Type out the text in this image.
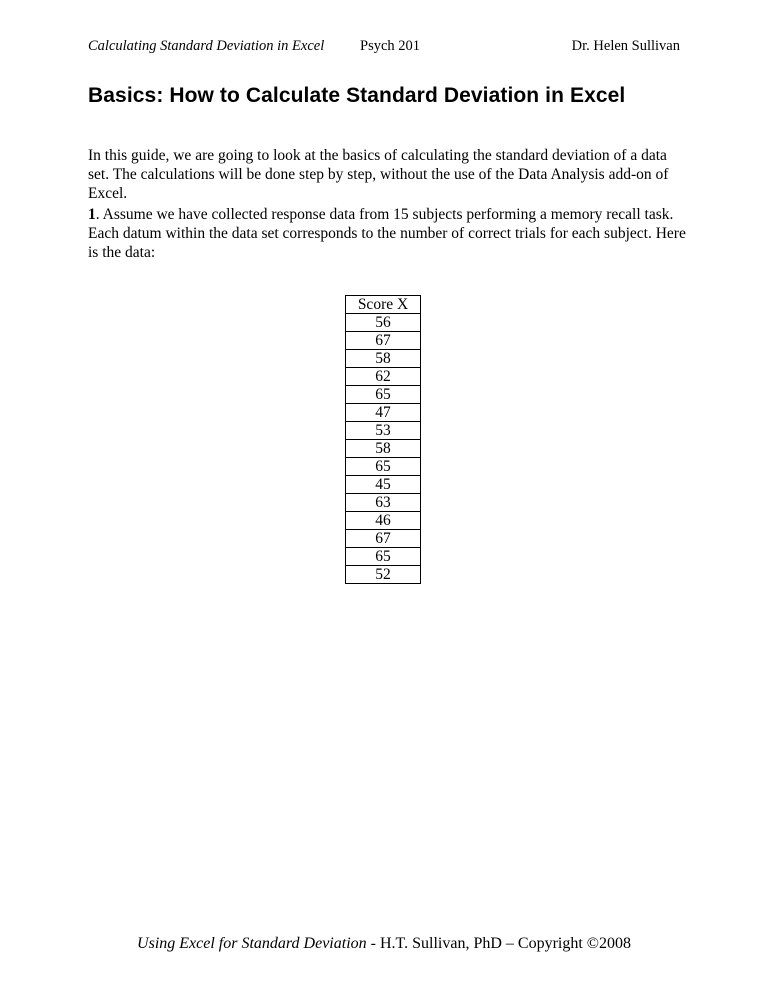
Calculating Standard Deviation in Excel Psych 201	Dr. Helen Sullivan
Basics: How to Calculate Standard Deviation in Excel

In this guide, we are going to look at the basics of calculating the standard deviation of a data set. The calculations will be done step by step, without the use of the Data Analysis add-on of Excel.

1. Assume we have collected response data from 15 subjects performing a memory recall task. Each datum within the data set corresponds to the number of correct trials for each subject. Here is the data:

Score X
56
67
58
62
65
47
53
58
65
45
63
46
67
65
52
Using Excel for Standard Deviation - H.T. Sullivan, PhD – Copyright ©2008
